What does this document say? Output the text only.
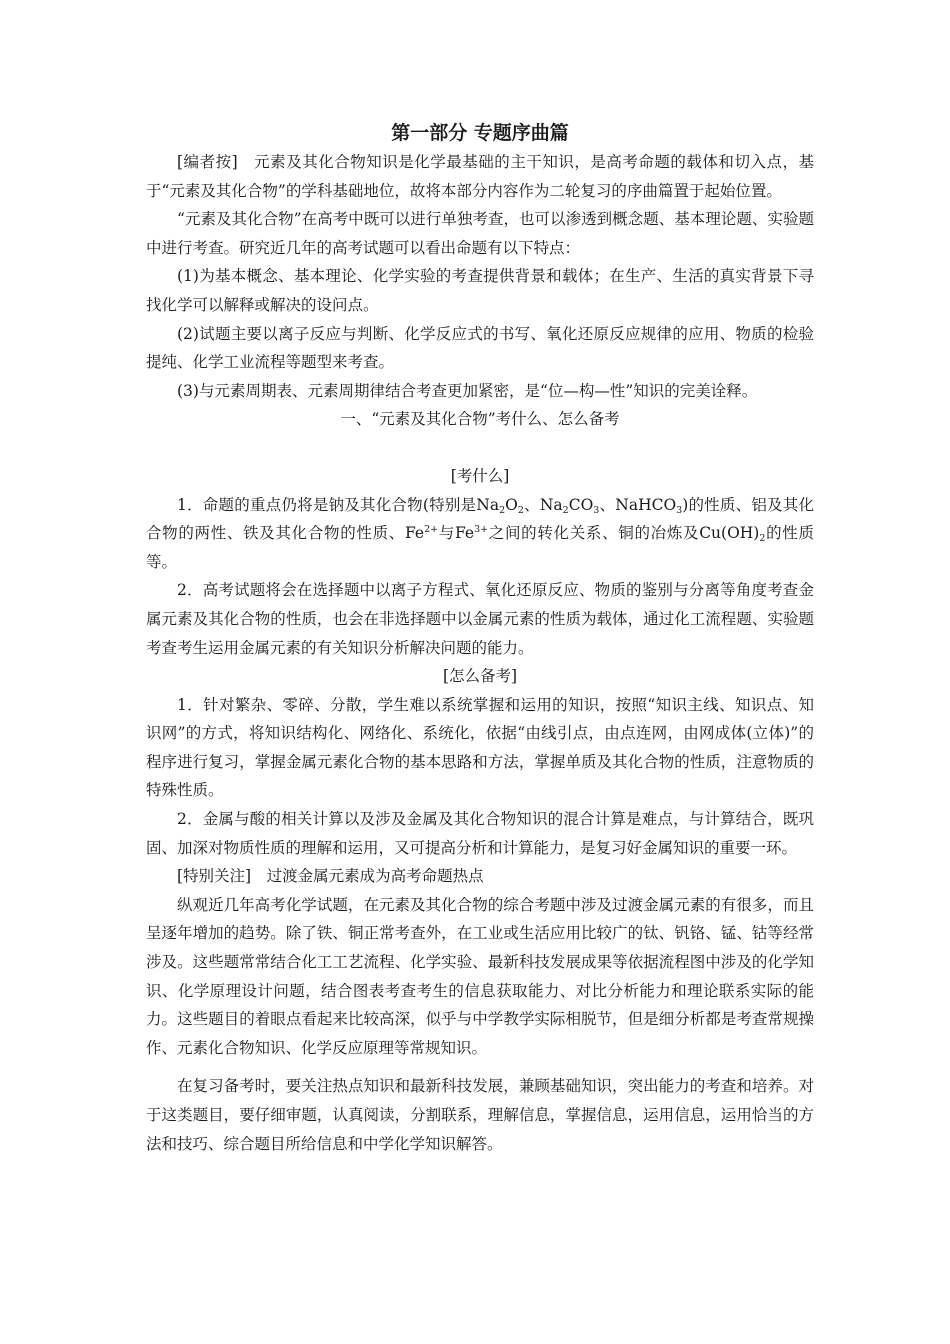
第一部分 专题序曲篇

[编者按]　 元素及其化合物知识是化学最基础的主干知识，是高考命题的载体和切入点，基于“元素及其化合物”的学科基础地位，故将本部分内容作为二轮复习的序曲篇置于起始位置。

“元素及其化合物”在高考中既可以进行单独考查，也可以渗透到概念题、基本理论题、实验题中进行考查。研究近几年的高考试题可以看出命题有以下特点：

(1)为基本概念、基本理论、化学实验的考查提供背景和载体；在生产、生活的真实背景下寻找化学可以解释或解决的设问点。

(2)试题主要以离子反应与判断、化学反应式的书写、氧化还原反应规律的应用、物质的检验提纯、化学工业流程等题型来考查。

(3)与元素周期表、元素周期律结合考查更加紧密，是“位—构—性”知识的完美诠释。

一、“元素及其化合物”考什么、怎么备考

[考什么]

1．命题的重点仍将是钠及其化合物(特别是$Na_2O_2$、$Na_2CO_3$、NaHCO$_3$)的性质、铝及其化合物的两性、铁及其化合物的性质、$Fe^{2+}$与$Fe^{3+}$之间的转化关系、铜的冶炼及$Cu(OH)_2$的性质等。

2．高考试题将会在选择题中以离子方程式、氧化还原反应、物质的鉴别与分离等角度考查金属元素及其化合物的性质，也会在非选择题中以金属元素的性质为载体，通过化工流程题、实验题考查考生运用金属元素的有关知识分析解决问题的能力。

[怎么备考]

1．针对繁杂、零碎、分散，学生难以系统掌握和运用的知识，按照“知识主线、知识点、知识网”的方式，将知识结构化、网络化、系统化，依据“由线引点，由点连网，由网成体(立体)”的程序进行复习，掌握金属元素化合物的基本思路和方法，掌握单质及其化合物的性质，注意物质的特殊性质。

2．金属与酸的相关计算以及涉及金属及其化合物知识的混合计算是难点，与计算结合，既巩固、加深对物质性质的理解和运用，又可提高分析和计算能力，是复习好金属知识的重要一环。

[特别关注]　 过渡金属元素成为高考命题热点

纵观近几年高考化学试题，在元素及其化合物的综合考题中涉及过渡金属元素的有很多，而且呈逐年增加的趋势。除了铁、铜正常考查外，在工业或生活应用比较广的钛、钒铬、锰、钴等经常涉及。这些题常常结合化工工艺流程、化学实验、最新科技发展成果等依据流程图中涉及的化学知识、化学原理设计问题，结合图表考查考生的信息获取能力、对比分析能力和理论联系实际的能力。这些题目的着眼点看起来比较高深，似乎与中学教学实际相脱节，但是细分析都是考查常规操作、元素化合物知识、化学反应原理等常规知识。

在复习备考时，要关注热点知识和最新科技发展，兼顾基础知识，突出能力的考查和培养。对于这类题目，要仔细审题，认真阅读，分割联系，理解信息，掌握信息，运用信息，运用恰当的方法和技巧、综合题目所给信息和中学化学知识解答。
